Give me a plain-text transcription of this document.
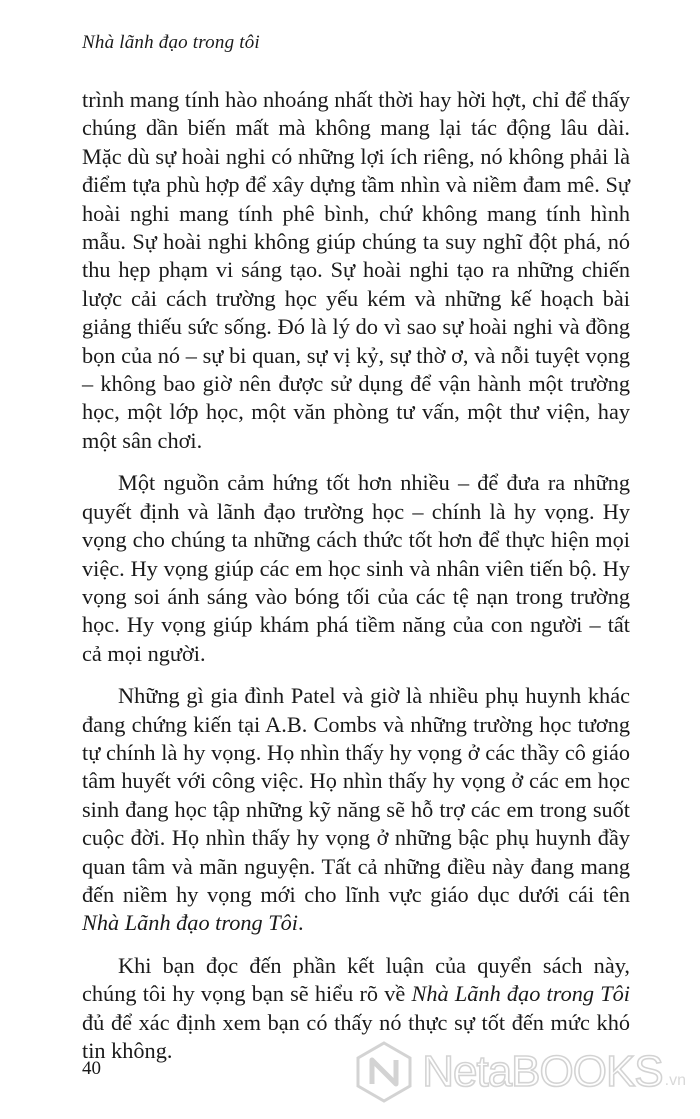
Nhà lãnh đạo trong tôi

trình mang tính hào nhoáng nhất thời hay hời hợt, chỉ để thấy chúng dần biến mất mà không mang lại tác động lâu dài. Mặc dù sự hoài nghi có những lợi ích riêng, nó không phải là điểm tựa phù hợp để xây dựng tầm nhìn và niềm đam mê. Sự hoài nghi mang tính phê bình, chứ không mang tính hình mẫu. Sự hoài nghi không giúp chúng ta suy nghĩ đột phá, nó thu hẹp phạm vi sáng tạo. Sự hoài nghi tạo ra những chiến lược cải cách trường học yếu kém và những kế hoạch bài giảng thiếu sức sống. Đó là lý do vì sao sự hoài nghi và đồng bọn của nó – sự bi quan, sự vị kỷ, sự thờ ơ, và nỗi tuyệt vọng – không bao giờ nên được sử dụng để vận hành một trường học, một lớp học, một văn phòng tư vấn, một thư viện, hay một sân chơi.

Một nguồn cảm hứng tốt hơn nhiều – để đưa ra những quyết định và lãnh đạo trường học – chính là hy vọng. Hy vọng cho chúng ta những cách thức tốt hơn để thực hiện mọi việc. Hy vọng giúp các em học sinh và nhân viên tiến bộ. Hy vọng soi ánh sáng vào bóng tối của các tệ nạn trong trường học. Hy vọng giúp khám phá tiềm năng của con người – tất cả mọi người.

Những gì gia đình Patel và giờ là nhiều phụ huynh khác đang chứng kiến tại A.B. Combs và những trường học tương tự chính là hy vọng. Họ nhìn thấy hy vọng ở các thầy cô giáo tâm huyết với công việc. Họ nhìn thấy hy vọng ở các em học sinh đang học tập những kỹ năng sẽ hỗ trợ các em trong suốt cuộc đời. Họ nhìn thấy hy vọng ở những bậc phụ huynh đầy quan tâm và mãn nguyện. Tất cả những điều này đang mang đến niềm hy vọng mới cho lĩnh vực giáo dục dưới cái tên Nhà Lãnh đạo trong Tôi.

Khi bạn đọc đến phần kết luận của quyển sách này, chúng tôi hy vọng bạn sẽ hiểu rõ về Nhà Lãnh đạo trong Tôi đủ để xác định xem bạn có thấy nó thực sự tốt đến mức khó tin không.

40	NetaBOOKS .vn
